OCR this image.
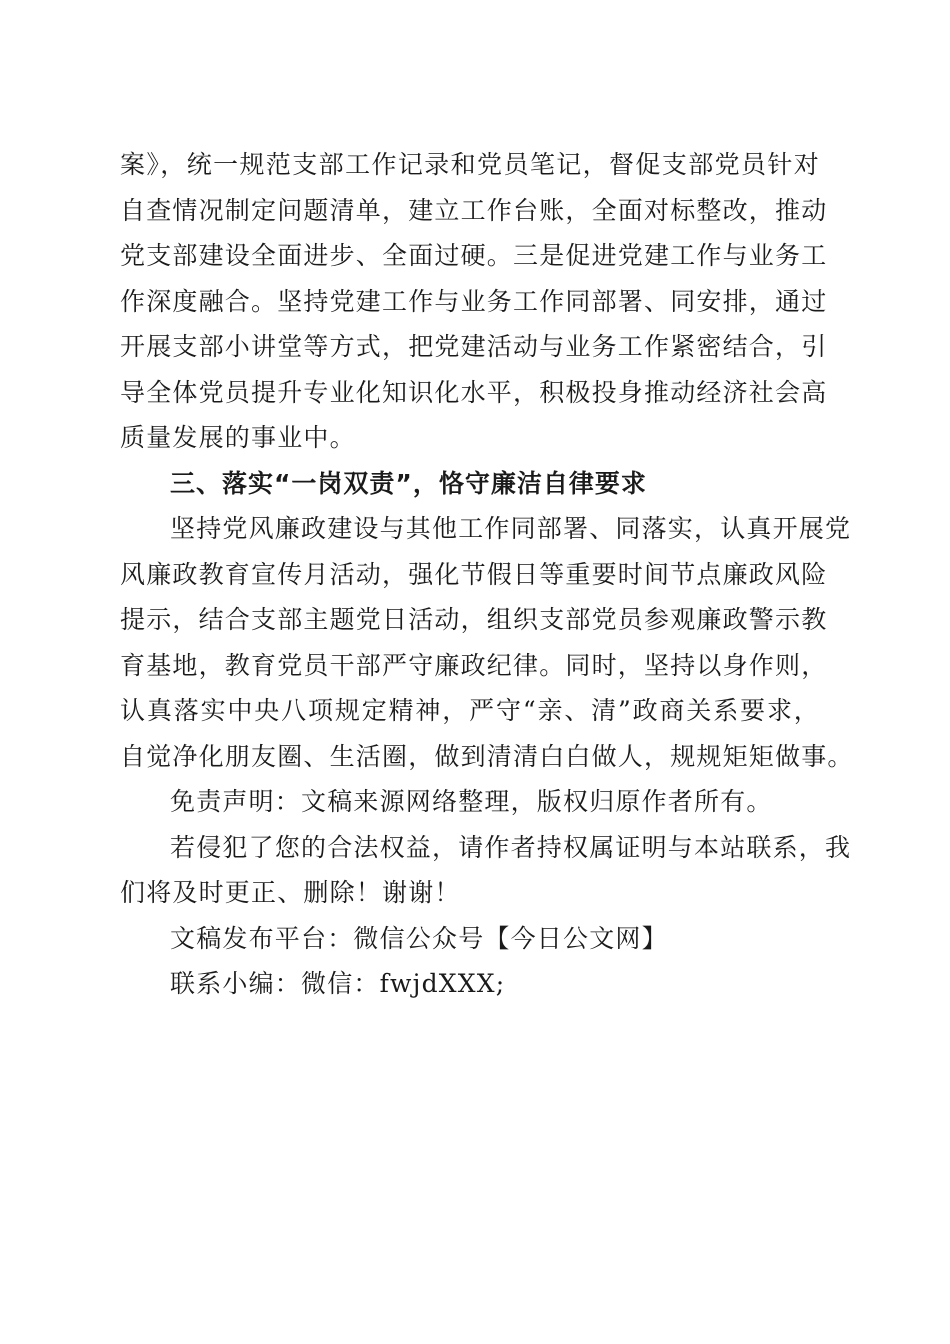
案》，统一规范支部工作记录和党员笔记，督促支部党员针对
自查情况制定问题清单，建立工作台账，全面对标整改，推动
党支部建设全面进步、全面过硬。三是促进党建工作与业务工
作深度融合。坚持党建工作与业务工作同部署、同安排，通过
开展支部小讲堂等方式，把党建活动与业务工作紧密结合，引
导全体党员提升专业化知识化水平，积极投身推动经济社会高
质量发展的事业中。
三、落实“一岗双责”，恪守廉洁自律要求
坚持党风廉政建设与其他工作同部署、同落实，认真开展党
风廉政教育宣传月活动，强化节假日等重要时间节点廉政风险
提示，结合支部主题党日活动，组织支部党员参观廉政警示教
育基地，教育党员干部严守廉政纪律。同时，坚持以身作则，
认真落实中央八项规定精神，严守“亲、清”政商关系要求，
自觉净化朋友圈、生活圈，做到清清白白做人，规规矩矩做事。
免责声明：文稿来源网络整理，版权归原作者所有。
若侵犯了您的合法权益，请作者持权属证明与本站联系，我
们将及时更正、删除！谢谢！
文稿发布平台：微信公众号【今日公文网】
联系小编：微信：fwjdXXX;
